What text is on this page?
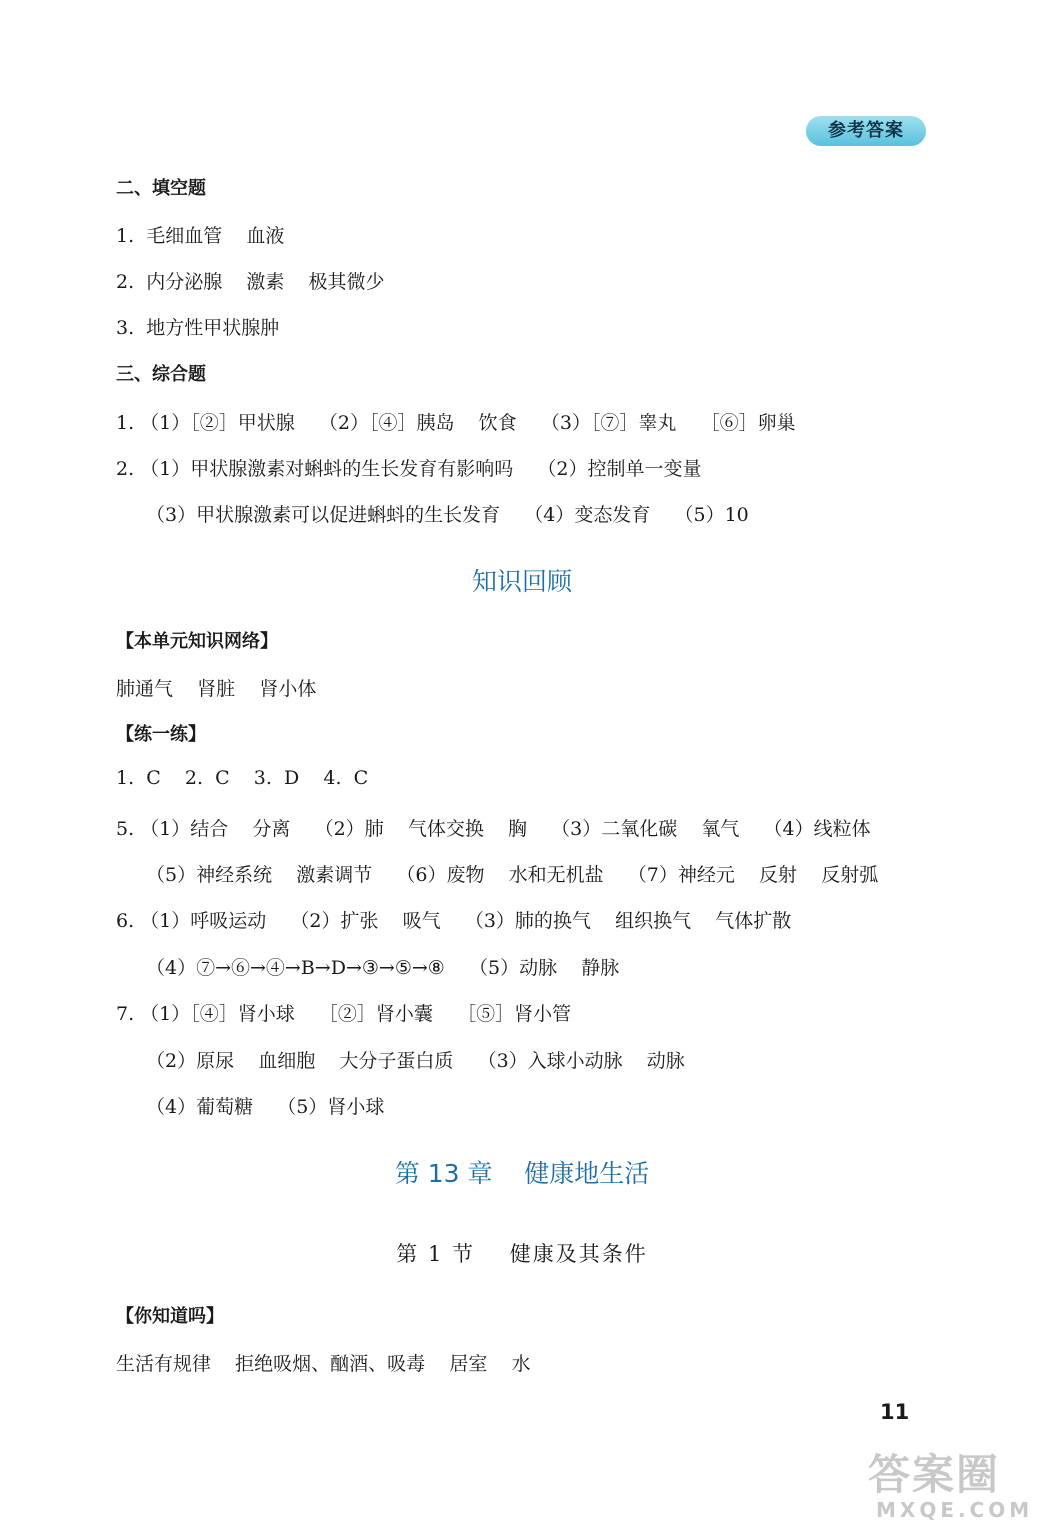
参考答案
二、填空题
1.  毛细血管    血液
2.  内分泌腺    激素    极其微少
3.  地方性甲状腺肿
三、综合题
1. （1）［②］甲状腺    （2）［④］胰岛    饮食    （3）［⑦］睾丸    ［⑥］卵巢
2. （1）甲状腺激素对蝌蚪的生长发育有影响吗    （2）控制单一变量
（3）甲状腺激素可以促进蝌蚪的生长发育    （4）变态发育    （5）10
知识回顾
【本单元知识网络】
肺通气    肾脏    肾小体
【练一练】
1.  C    2.  C    3.  D    4.  C
5. （1）结合    分离    （2）肺    气体交换    胸    （3）二氧化碳    氧气    （4）线粒体
（5）神经系统    激素调节    （6）废物    水和无机盐    （7）神经元    反射    反射弧
6. （1）呼吸运动    （2）扩张    吸气    （3）肺的换气    组织换气    气体扩散
（4）⑦→⑥→④→B→D→③→⑤→⑧    （5）动脉    静脉
7. （1）［④］肾小球    ［②］肾小囊    ［⑤］肾小管
（2）原尿    血细胞    大分子蛋白质    （3）入球小动脉    动脉
（4）葡萄糖    （5）肾小球
第 13 章    健康地生活
第 1 节    健康及其条件
【你知道吗】
生活有规律    拒绝吸烟、酗酒、吸毒    居室    水
11
答案圈
MXQE.COM
